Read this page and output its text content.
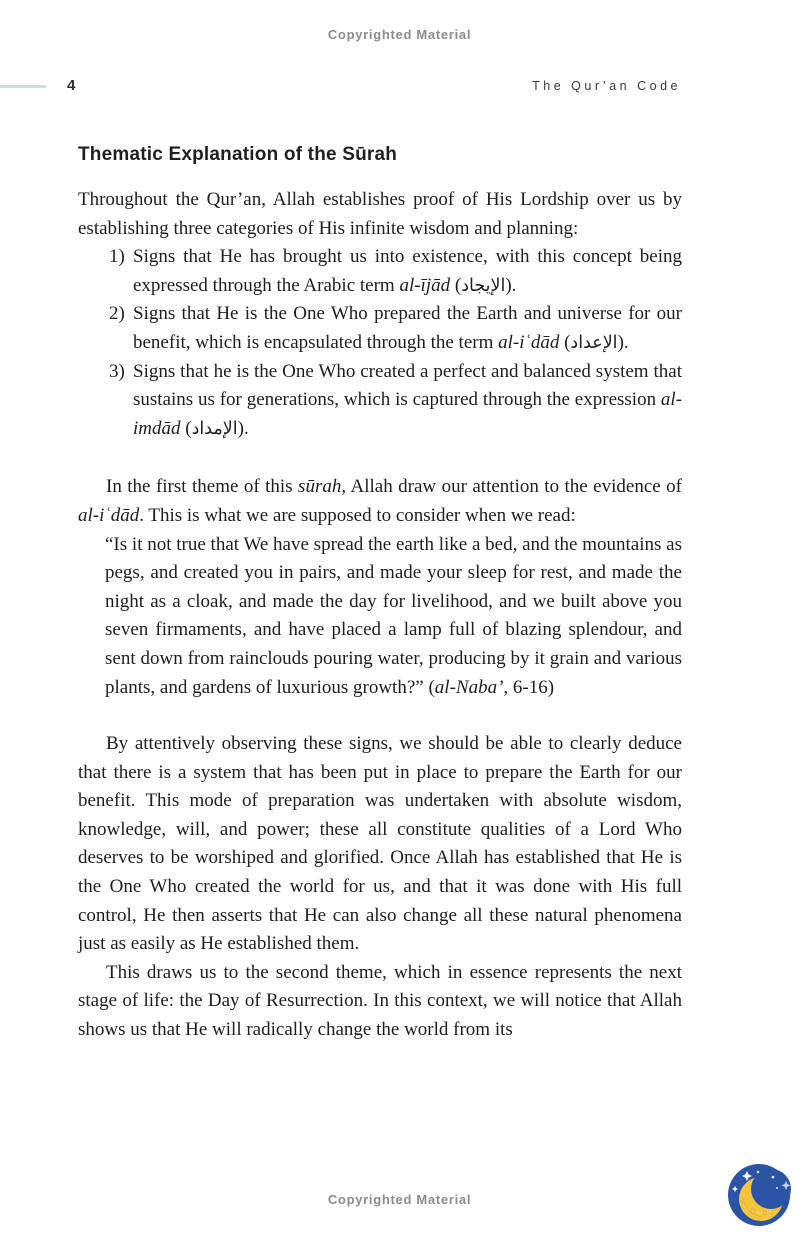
Copyrighted Material
4	The Qur’an Code
Thematic Explanation of the Sūrah

Throughout the Qur’an, Allah establishes proof of His Lordship over us by establishing three categories of His infinite wisdom and planning:

1) Signs that He has brought us into existence, with this concept being expressed through the Arabic term al-ījād (الإيجاد).
2) Signs that He is the One Who prepared the Earth and universe for our benefit, which is encapsulated through the term al-iʿdād (الإعداد).
3) Signs that he is the One Who created a perfect and balanced system that sustains us for generations, which is captured through the expression al-imdād (الإمداد).

In the first theme of this sūrah, Allah draw our attention to the evidence of al-iʿdād. This is what we are supposed to consider when we read:

“Is it not true that We have spread the earth like a bed, and the mountains as pegs, and created you in pairs, and made your sleep for rest, and made the night as a cloak, and made the day for livelihood, and we built above you seven firmaments, and have placed a lamp full of blazing splendour, and sent down from rainclouds pouring water, producing by it grain and various plants, and gardens of luxurious growth?” (al-Naba’, 6-16)

By attentively observing these signs, we should be able to clearly deduce that there is a system that has been put in place to prepare the Earth for our benefit. This mode of preparation was undertaken with absolute wisdom, knowledge, will, and power; these all constitute qualities of a Lord Who deserves to be worshiped and glorified. Once Allah has established that He is the One Who created the world for us, and that it was done with His full control, He then asserts that He can also change all these natural phenomena just as easily as He established them.

This draws us to the second theme, which in essence represents the next stage of life: the Day of Resurrection. In this context, we will notice that Allah shows us that He will radically change the world from its

Copyrighted Material
